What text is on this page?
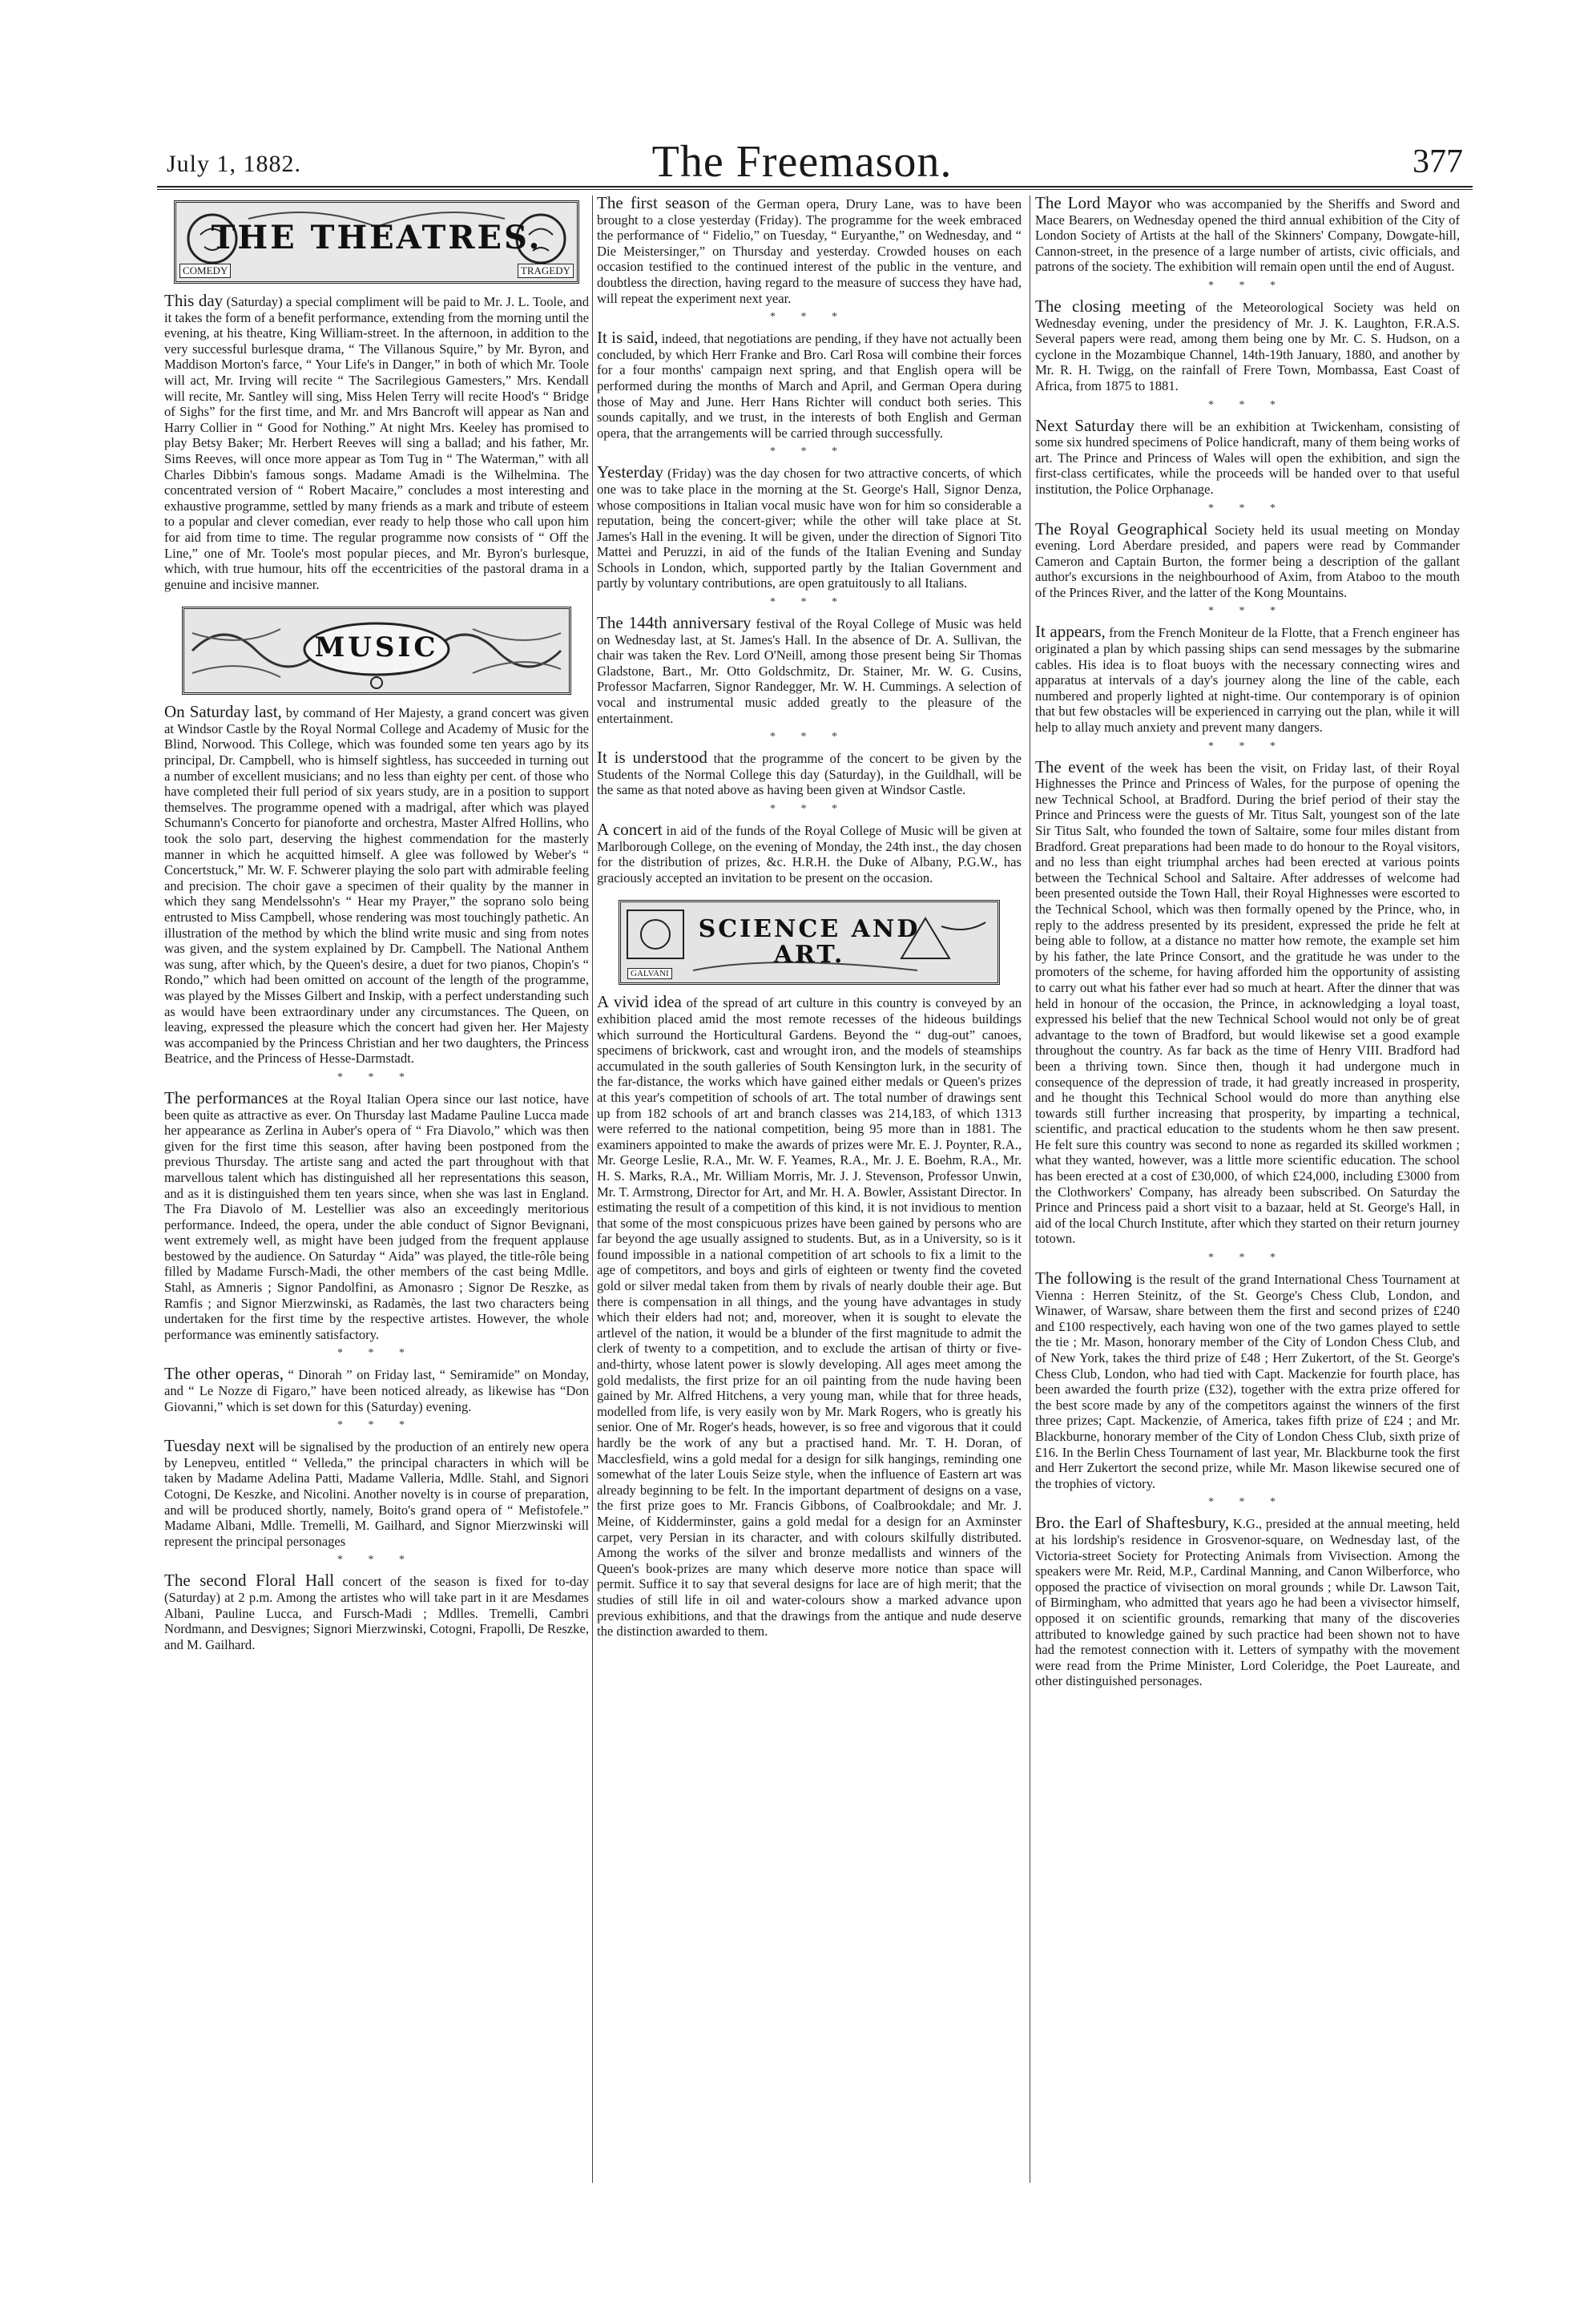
July 1, 1882.	The Freemason.	377
THE THEATRES.
COMEDY	TRAGEDY

This day (Saturday) a special compliment will be paid to Mr. J. L. Toole, and it takes the form of a benefit performance, extending from the morning until the evening, at his theatre, King William-street. In the afternoon, in addition to the very successful burlesque drama, “ The Villanous Squire,” by Mr. Byron, and Maddison Morton's farce, “ Your Life's in Danger,” in both of which Mr. Toole will act, Mr. Irving will recite “ The Sacrilegious Gamesters,” Mrs. Kendall will recite, Mr. Santley will sing, Miss Helen Terry will recite Hood's “ Bridge of Sighs” for the first time, and Mr. and Mrs Bancroft will appear as Nan and Harry Collier in “ Good for Nothing.” At night Mrs. Keeley has promised to play Betsy Baker; Mr. Herbert Reeves will sing a ballad; and his father, Mr. Sims Reeves, will once more appear as Tom Tug in “ The Waterman,” with all Charles Dibbin's famous songs. Madame Amadi is the Wilhelmina. The concentrated version of “ Robert Macaire,” concludes a most interesting and exhaustive programme, settled by many friends as a mark and tribute of esteem to a popular and clever comedian, ever ready to help those who call upon him for aid from time to time. The regular programme now consists of “ Off the Line,” one of Mr. Toole's most popular pieces, and Mr. Byron's burlesque, which, with true humour, hits off the eccentricities of the pastoral drama in a genuine and incisive manner.

MUSIC

On Saturday last, by command of Her Majesty, a grand concert was given at Windsor Castle by the Royal Normal College and Academy of Music for the Blind, Norwood. This College, which was founded some ten years ago by its principal, Dr. Campbell, who is himself sightless, has succeeded in turning out a number of excellent musicians; and no less than eighty per cent. of those who have completed their full period of six years study, are in a position to support themselves. The programme opened with a madrigal, after which was played Schumann's Concerto for pianoforte and orchestra, Master Alfred Hollins, who took the solo part, deserving the highest commendation for the masterly manner in which he acquitted himself. A glee was followed by Weber's “ Concertstuck,” Mr. W. F. Schwerer playing the solo part with admirable feeling and precision. The choir gave a specimen of their quality by the manner in which they sang Mendelssohn's “ Hear my Prayer,” the soprano solo being entrusted to Miss Campbell, whose rendering was most touchingly pathetic. An illustration of the method by which the blind write music and sing from notes was given, and the system explained by Dr. Campbell. The National Anthem was sung, after which, by the Queen's desire, a duet for two pianos, Chopin's “ Rondo,” which had been omitted on account of the length of the programme, was played by the Misses Gilbert and Inskip, with a perfect understanding such as would have been extraordinary under any circumstances. The Queen, on leaving, expressed the pleasure which the concert had given her. Her Majesty was accompanied by the Princess Christian and her two daughters, the Princess Beatrice, and the Princess of Hesse-Darmstadt.

* * *

The performances at the Royal Italian Opera since our last notice, have been quite as attractive as ever. On Thursday last Madame Pauline Lucca made her appearance as Zerlina in Auber's opera of “ Fra Diavolo,” which was then given for the first time this season, after having been postponed from the previous Thursday. The artiste sang and acted the part throughout with that marvellous talent which has distinguished all her representations this season, and as it is distinguished them ten years since, when she was last in England. The Fra Diavolo of M. Lestellier was also an exceedingly meritorious performance. Indeed, the opera, under the able conduct of Signor Bevignani, went extremely well, as might have been judged from the frequent applause bestowed by the audience. On Saturday “ Aida” was played, the title-rôle being filled by Madame Fursch-Madi, the other members of the cast being Mdlle. Stahl, as Amneris ; Signor Pandolfini, as Amonasro ; Signor De Reszke, as Ramfis ; and Signor Mierzwinski, as Radamès, the last two characters being undertaken for the first time by the respective artistes. However, the whole performance was eminently satisfactory.

* * *

The other operas, “ Dinorah ” on Friday last, “ Semiramide” on Monday, and “ Le Nozze di Figaro,” have been noticed already, as likewise has “Don Giovanni,” which is set down for this (Saturday) evening.

* * *

Tuesday next will be signalised by the production of an entirely new opera by Lenepveu, entitled “ Velleda,” the principal characters in which will be taken by Madame Adelina Patti, Madame Valleria, Mdlle. Stahl, and Signori Cotogni, De Keszke, and Nicolini. Another novelty is in course of preparation, and will be produced shortly, namely, Boito's grand opera of “ Mefistofele.” Madame Albani, Mdlle. Tremelli, M. Gailhard, and Signor Mierzwinski will represent the principal personages

* * *

The second Floral Hall concert of the season is fixed for to-day (Saturday) at 2 p.m. Among the artistes who will take part in it are Mesdames Albani, Pauline Lucca, and Fursch-Madi ; Mdlles. Tremelli, Cambri Nordmann, and Desvignes; Signori Mierzwinski, Cotogni, Frapolli, De Reszke, and M. Gailhard.

The first season of the German opera, Drury Lane, was to have been brought to a close yesterday (Friday). The programme for the week embraced the performance of “ Fidelio,” on Tuesday, “ Euryanthe,” on Wednesday, and “ Die Meistersinger,” on Thursday and yesterday. Crowded houses on each occasion testified to the continued interest of the public in the venture, and doubtless the direction, having regard to the measure of success they have had, will repeat the experiment next year.

* * *

It is said, indeed, that negotiations are pending, if they have not actually been concluded, by which Herr Franke and Bro. Carl Rosa will combine their forces for a four months' campaign next spring, and that English opera will be performed during the months of March and April, and German Opera during those of May and June. Herr Hans Richter will conduct both series. This sounds capitally, and we trust, in the interests of both English and German opera, that the arrangements will be carried through successfully.

* * *

Yesterday (Friday) was the day chosen for two attractive concerts, of which one was to take place in the morning at the St. George's Hall, Signor Denza, whose compositions in Italian vocal music have won for him so considerable a reputation, being the concert-giver; while the other will take place at St. James's Hall in the evening. It will be given, under the direction of Signori Tito Mattei and Peruzzi, in aid of the funds of the Italian Evening and Sunday Schools in London, which, supported partly by the Italian Government and partly by voluntary contributions, are open gratuitously to all Italians.

* * *

The 144th anniversary festival of the Royal College of Music was held on Wednesday last, at St. James's Hall. In the absence of Dr. A. Sullivan, the chair was taken the Rev. Lord O'Neill, among those present being Sir Thomas Gladstone, Bart., Mr. Otto Goldschmitz, Dr. Stainer, Mr. W. G. Cusins, Professor Macfarren, Signor Randegger, Mr. W. H. Cummings. A selection of vocal and instrumental music added greatly to the pleasure of the entertainment.

* * *

It is understood that the programme of the concert to be given by the Students of the Normal College this day (Saturday), in the Guildhall, will be the same as that noted above as having been given at Windsor Castle.

* * *

A concert in aid of the funds of the Royal College of Music will be given at Marlborough College, on the evening of Monday, the 24th inst., the day chosen for the distribution of prizes, &c. H.R.H. the Duke of Albany, P.G.W., has graciously accepted an invitation to be present on the occasion.

SCIENCE AND ART.
GALVANI

A vivid idea of the spread of art culture in this country is conveyed by an exhibition placed amid the most remote recesses of the hideous buildings which surround the Horticultural Gardens. Beyond the “ dug-out” canoes, specimens of brickwork, cast and wrought iron, and the models of steamships accumulated in the south galleries of South Kensington lurk, in the security of the far-distance, the works which have gained either medals or Queen's prizes at this year's competition of schools of art. The total number of drawings sent up from 182 schools of art and branch classes was 214,183, of which 1313 were referred to the national competition, being 95 more than in 1881. The examiners appointed to make the awards of prizes were Mr. E. J. Poynter, R.A., Mr. George Leslie, R.A., Mr. W. F. Yeames, R.A., Mr. J. E. Boehm, R.A., Mr. H. S. Marks, R.A., Mr. William Morris, Mr. J. J. Stevenson, Professor Unwin, Mr. T. Armstrong, Director for Art, and Mr. H. A. Bowler, Assistant Director. In estimating the result of a competition of this kind, it is not invidious to mention that some of the most conspicuous prizes have been gained by persons who are far beyond the age usually assigned to students. But, as in a University, so is it found impossible in a national competition of art schools to fix a limit to the age of competitors, and boys and girls of eighteen or twenty find the coveted gold or silver medal taken from them by rivals of nearly double their age. But there is compensation in all things, and the young have advantages in study which their elders had not; and, moreover, when it is sought to elevate the artlevel of the nation, it would be a blunder of the first magnitude to admit the clerk of twenty to a competition, and to exclude the artisan of thirty or five-and-thirty, whose latent power is slowly developing. All ages meet among the gold medalists, the first prize for an oil painting from the nude having been gained by Mr. Alfred Hitchens, a very young man, while that for three heads, modelled from life, is very easily won by Mr. Mark Rogers, who is greatly his senior. One of Mr. Roger's heads, however, is so free and vigorous that it could hardly be the work of any but a practised hand. Mr. T. H. Doran, of Macclesfield, wins a gold medal for a design for silk hangings, reminding one somewhat of the later Louis Seize style, when the influence of Eastern art was already beginning to be felt. In the important department of designs on a vase, the first prize goes to Mr. Francis Gibbons, of Coalbrookdale; and Mr. J. Meine, of Kidderminster, gains a gold medal for a design for an Axminster carpet, very Persian in its character, and with colours skilfully distributed. Among the works of the silver and bronze medallists and winners of the Queen's book-prizes are many which deserve more notice than space will permit. Suffice it to say that several designs for lace are of high merit; that the studies of still life in oil and water-colours show a marked advance upon previous exhibitions, and that the drawings from the antique and nude deserve the distinction awarded to them.

The Lord Mayor who was accompanied by the Sheriffs and Sword and Mace Bearers, on Wednesday opened the third annual exhibition of the City of London Society of Artists at the hall of the Skinners' Company, Dowgate-hill, Cannon-street, in the presence of a large number of artists, civic officials, and patrons of the society. The exhibition will remain open until the end of August.

* * *

The closing meeting of the Meteorological Society was held on Wednesday evening, under the presidency of Mr. J. K. Laughton, F.R.A.S. Several papers were read, among them being one by Mr. C. S. Hudson, on a cyclone in the Mozambique Channel, 14th-19th January, 1880, and another by Mr. R. H. Twigg, on the rainfall of Frere Town, Mombassa, East Coast of Africa, from 1875 to 1881.

* * *

Next Saturday there will be an exhibition at Twickenham, consisting of some six hundred specimens of Police handicraft, many of them being works of art. The Prince and Princess of Wales will open the exhibition, and sign the first-class certificates, while the proceeds will be handed over to that useful institution, the Police Orphanage.

* * *

The Royal Geographical Society held its usual meeting on Monday evening. Lord Aberdare presided, and papers were read by Commander Cameron and Captain Burton, the former being a description of the gallant author's excursions in the neighbourhood of Axim, from Ataboo to the mouth of the Princes River, and the latter of the Kong Mountains.

* * *

It appears, from the French Moniteur de la Flotte, that a French engineer has originated a plan by which passing ships can send messages by the submarine cables. His idea is to float buoys with the necessary connecting wires and apparatus at intervals of a day's journey along the line of the cable, each numbered and properly lighted at night-time. Our contemporary is of opinion that but few obstacles will be experienced in carrying out the plan, while it will help to allay much anxiety and prevent many dangers.

* * *

The event of the week has been the visit, on Friday last, of their Royal Highnesses the Prince and Princess of Wales, for the purpose of opening the new Technical School, at Bradford. During the brief period of their stay the Prince and Princess were the guests of Mr. Titus Salt, youngest son of the late Sir Titus Salt, who founded the town of Saltaire, some four miles distant from Bradford. Great preparations had been made to do honour to the Royal visitors, and no less than eight triumphal arches had been erected at various points between the Technical School and Saltaire. After addresses of welcome had been presented outside the Town Hall, their Royal Highnesses were escorted to the Technical School, which was then formally opened by the Prince, who, in reply to the address presented by its president, expressed the pride he felt at being able to follow, at a distance no matter how remote, the example set him by his father, the late Prince Consort, and the gratitude he was under to the promoters of the scheme, for having afforded him the opportunity of assisting to carry out what his father ever had so much at heart. After the dinner that was held in honour of the occasion, the Prince, in acknowledging a loyal toast, expressed his belief that the new Technical School would not only be of great advantage to the town of Bradford, but would likewise set a good example throughout the country. As far back as the time of Henry VIII. Bradford had been a thriving town. Since then, though it had undergone much in consequence of the depression of trade, it had greatly increased in prosperity, and he thought this Technical School would do more than anything else towards still further increasing that prosperity, by imparting a technical, scientific, and practical education to the students whom he then saw present. He felt sure this country was second to none as regarded its skilled workmen ; what they wanted, however, was a little more scientific education. The school has been erected at a cost of £30,000, of which £24,000, including £3000 from the Clothworkers' Company, has already been subscribed. On Saturday the Prince and Princess paid a short visit to a bazaar, held at St. George's Hall, in aid of the local Church Institute, after which they started on their return journey totown.

* * *

The following is the result of the grand International Chess Tournament at Vienna : Herren Steinitz, of the St. George's Chess Club, London, and Winawer, of Warsaw, share between them the first and second prizes of £240 and £100 respectively, each having won one of the two games played to settle the tie ; Mr. Mason, honorary member of the City of London Chess Club, and of New York, takes the third prize of £48 ; Herr Zukertort, of the St. George's Chess Club, London, who had tied with Capt. Mackenzie for fourth place, has been awarded the fourth prize (£32), together with the extra prize offered for the best score made by any of the competitors against the winners of the first three prizes; Capt. Mackenzie, of America, takes fifth prize of £24 ; and Mr. Blackburne, honorary member of the City of London Chess Club, sixth prize of £16. In the Berlin Chess Tournament of last year, Mr. Blackburne took the first and Herr Zukertort the second prize, while Mr. Mason likewise secured one of the trophies of victory.

* * *

Bro. the Earl of Shaftesbury, K.G., presided at the annual meeting, held at his lordship's residence in Grosvenor-square, on Wednesday last, of the Victoria-street Society for Protecting Animals from Vivisection. Among the speakers were Mr. Reid, M.P., Cardinal Manning, and Canon Wilberforce, who opposed the practice of vivisection on moral grounds ; while Dr. Lawson Tait, of Birmingham, who admitted that years ago he had been a vivisector himself, opposed it on scientific grounds, remarking that many of the discoveries attributed to knowledge gained by such practice had been shown not to have had the remotest connection with it. Letters of sympathy with the movement were read from the Prime Minister, Lord Coleridge, the Poet Laureate, and other distinguished personages.
